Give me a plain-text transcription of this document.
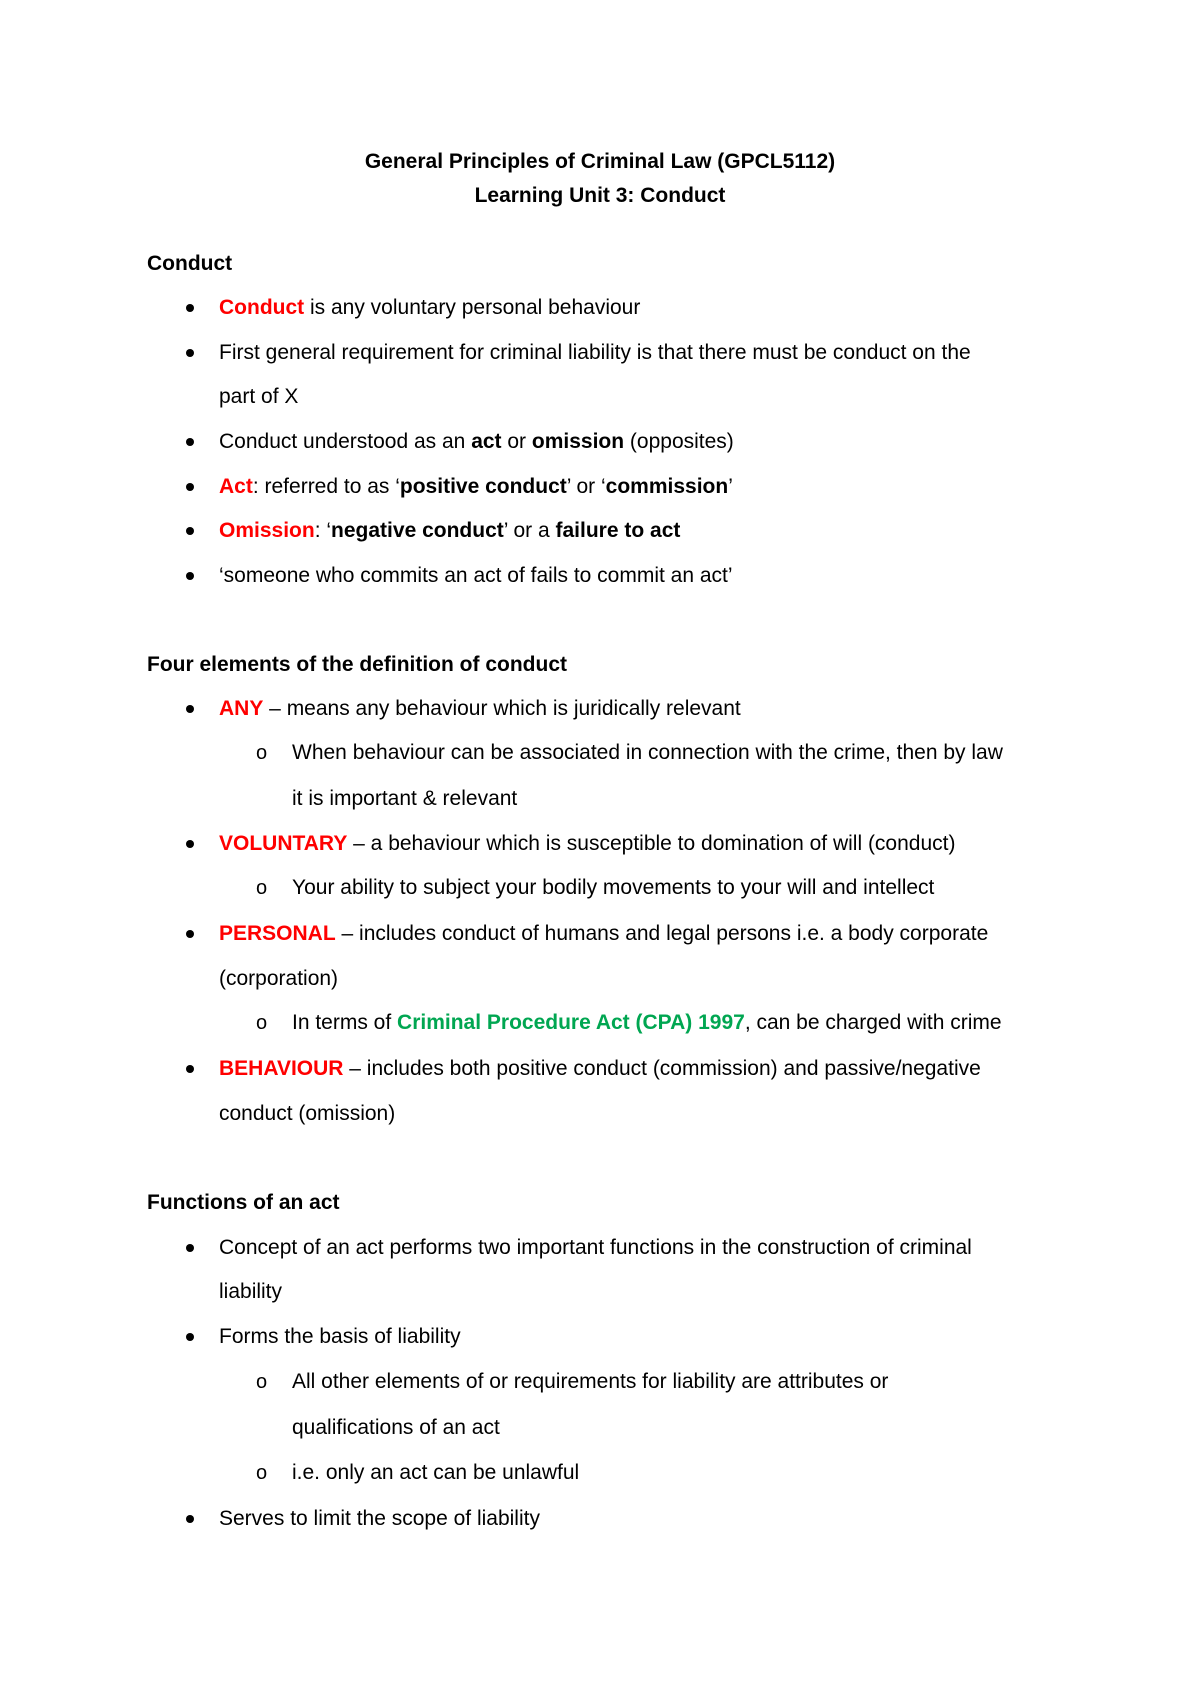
General Principles of Criminal Law (GPCL5112)
Learning Unit 3: Conduct
Conduct
Conduct is any voluntary personal behaviour
First general requirement for criminal liability is that there must be conduct on the
part of X
Conduct understood as an act or omission (opposites)
Act: referred to as ‘positive conduct’ or ‘commission’
Omission: ‘negative conduct’ or a failure to act
‘someone who commits an act of fails to commit an act’
Four elements of the definition of conduct
ANY – means any behaviour which is juridically relevant
o When behaviour can be associated in connection with the crime, then by law
it is important & relevant
VOLUNTARY – a behaviour which is susceptible to domination of will (conduct)
o Your ability to subject your bodily movements to your will and intellect
PERSONAL – includes conduct of humans and legal persons i.e. a body corporate
(corporation)
o In terms of Criminal Procedure Act (CPA) 1997, can be charged with crime
BEHAVIOUR – includes both positive conduct (commission) and passive/negative
conduct (omission)
Functions of an act
Concept of an act performs two important functions in the construction of criminal
liability
Forms the basis of liability
o All other elements of or requirements for liability are attributes or
qualifications of an act
o i.e. only an act can be unlawful
Serves to limit the scope of liability
